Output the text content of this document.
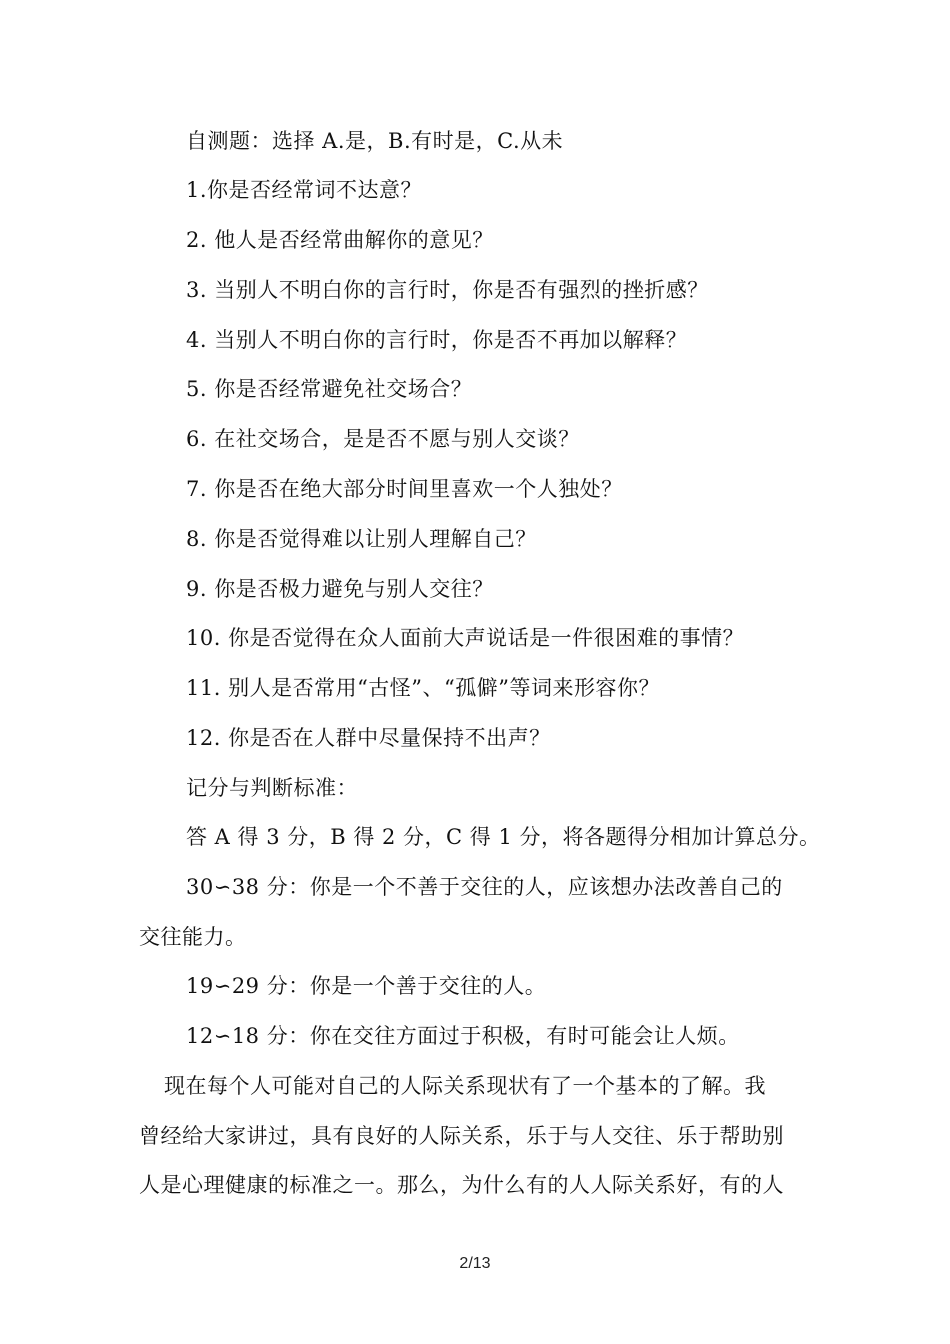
自测题：选择 A.是，B.有时是，C.从未
1.你是否经常词不达意？
2. 他人是否经常曲解你的意见？
3. 当别人不明白你的言行时，你是否有强烈的挫折感？
4. 当别人不明白你的言行时，你是否不再加以解释？
5. 你是否经常避免社交场合？
6. 在社交场合，是是否不愿与别人交谈？
7. 你是否在绝大部分时间里喜欢一个人独处？
8. 你是否觉得难以让别人理解自己？
9. 你是否极力避免与别人交往？
10. 你是否觉得在众人面前大声说话是一件很困难的事情？
11. 别人是否常用“古怪”、“孤僻”等词来形容你？
12. 你是否在人群中尽量保持不出声？
记分与判断标准：
答 A 得 3 分，B 得 2 分，C 得 1 分，将各题得分相加计算总分。
30∽38 分：你是一个不善于交往的人，应该想办法改善自己的
交往能力。
19∽29 分：你是一个善于交往的人。
12∽18 分：你在交往方面过于积极，有时可能会让人烦。
现在每个人可能对自己的人际关系现状有了一个基本的了解。我
曾经给大家讲过，具有良好的人际关系，乐于与人交往、乐于帮助别
人是心理健康的标准之一。那么，为什么有的人人际关系好，有的人
2/13
